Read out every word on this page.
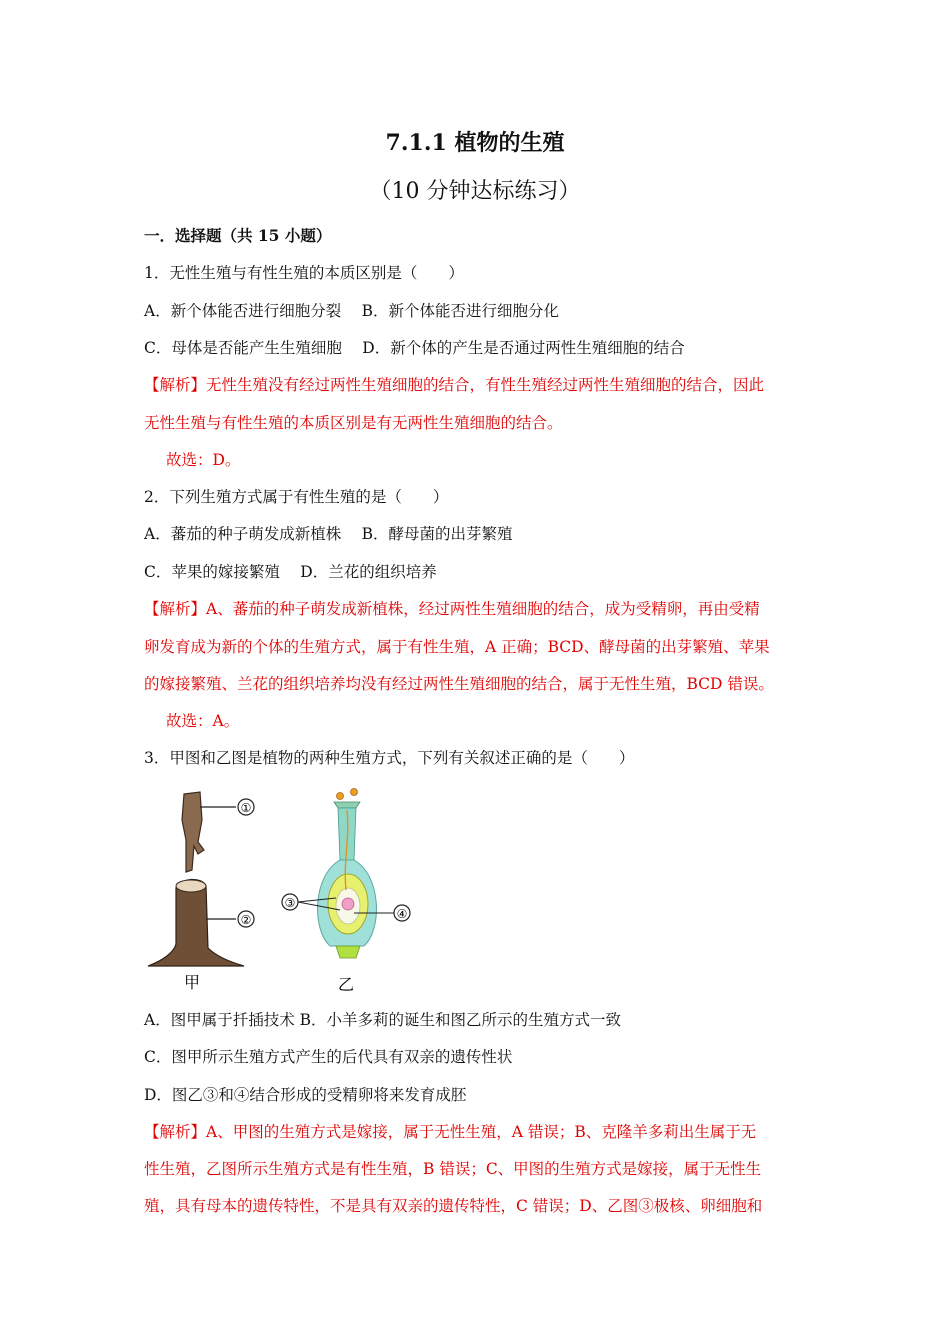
7.1.1 植物的生殖
（10 分钟达标练习）
一．选择题（共 15 小题）
1．无性生殖与有性生殖的本质区别是（　　）
A．新个体能否进行细胞分裂　 B．新个体能否进行细胞分化
C．母体是否能产生生殖细胞　 D．新个体的产生是否通过两性生殖细胞的结合
【解析】无性生殖没有经过两性生殖细胞的结合，有性生殖经过两性生殖细胞的结合，因此
无性生殖与有性生殖的本质区别是有无两性生殖细胞的结合。
故选：D。
2．下列生殖方式属于有性生殖的是（　　）
A．蕃茄的种子萌发成新植株　 B．酵母菌的出芽繁殖
C．苹果的嫁接繁殖　 D．兰花的组织培养
【解析】A、蕃茄的种子萌发成新植株，经过两性生殖细胞的结合，成为受精卵，再由受精
卵发育成为新的个体的生殖方式，属于有性生殖，A 正确；BCD、酵母菌的出芽繁殖、苹果
的嫁接繁殖、兰花的组织培养均没有经过两性生殖细胞的结合，属于无性生殖，BCD 错误。
故选：A。
3．甲图和乙图是植物的两种生殖方式，下列有关叙述正确的是（　　）
①
②
甲
③
④
乙
A．图甲属于扦插技术 B．小羊多莉的诞生和图乙所示的生殖方式一致
C．图甲所示生殖方式产生的后代具有双亲的遗传性状
D．图乙③和④结合形成的受精卵将来发育成胚
【解析】A、甲图的生殖方式是嫁接，属于无性生殖，A 错误；B、克隆羊多莉出生属于无
性生殖，乙图所示生殖方式是有性生殖，B 错误；C、甲图的生殖方式是嫁接，属于无性生
殖，具有母本的遗传特性，不是具有双亲的遗传特性，C 错误；D、乙图③极核、卵细胞和
